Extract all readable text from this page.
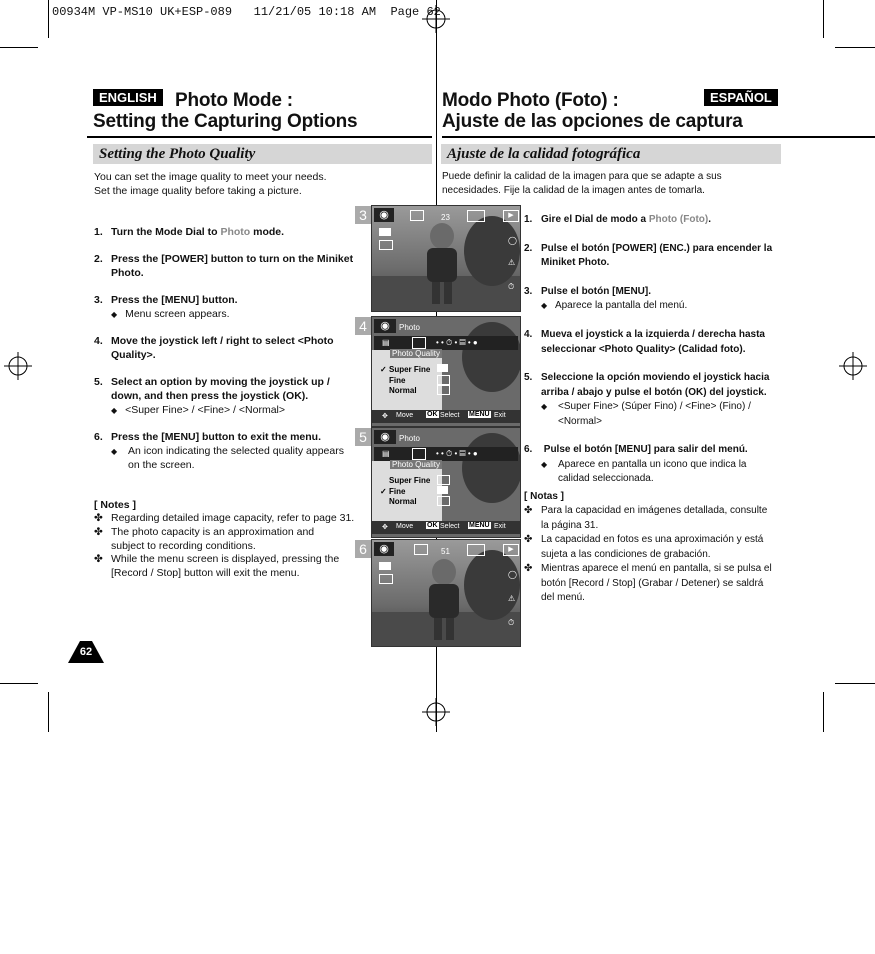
00934M VP-MS10 UK+ESP-089   11/21/05 10:18 AM  Page 62
ENGLISH Photo Mode :
Setting the Capturing Options
Modo Photo (Foto) :
Ajuste de las opciones de captura
ESPAÑOL
Setting the Photo Quality	Ajuste de la calidad fotográfica
You can set the image quality to meet your needs.
Set the image quality before taking a picture.
1. Turn the Mode Dial to Photo mode.
2. Press the [POWER] button to turn on the Miniket
Photo.
3. Press the [MENU] button.
◆ Menu screen appears.
4. Move the joystick left / right to select <Photo
Quality>.
5. Select an option by moving the joystick up /
down, and then press the joystick (OK).
◆ <Super Fine> / <Fine> / <Normal>
6. Press the [MENU] button to exit the menu.
◆ An icon indicating the selected quality appears
on the screen.
[ Notes ]
✤ Regarding detailed image capacity, refer to page 31.
✤ The photo capacity is an approximation and
subject to recording conditions.
✤ While the menu screen is displayed, pressing the
[Record / Stop] button will exit the menu.
62
Puede definir la calidad de la imagen para que se adapte a sus
necesidades. Fije la calidad de la imagen antes de tomarla.
1. Gire el Dial de modo a Photo (Foto).
2. Pulse el botón [POWER] (ENC.) para encender la
Miniket Photo.
3. Pulse el botón [MENU].
◆ Aparece la pantalla del menú.
4. Mueva el joystick a la izquierda / derecha hasta
seleccionar <Photo Quality> (Calidad foto).
5. Seleccione la opción moviendo el joystick hacia
arriba / abajo y pulse el botón (OK) del joystick.
◆ <Super Fine> (Súper Fino) / <Fine> (Fino) /
<Normal>
6. Pulse el botón [MENU] para salir del menú.
◆ Aparece en pantalla un icono que indica la
calidad seleccionada.
[ Notas ]
✤ Para la capacidad en imágenes detallada, consulte
la página 31.
✤ La capacidad en fotos es una aproximación y está
sujeta a las condiciones de grabación.
✤ Mientras aparece el menú en pantalla, si se pulsa el
botón [Record / Stop] (Grabar / Detener) se saldrá
del menú.
3	◉	23	▶
◯
⚠
⏱
4	◉	Photo
▤	• • ⏱ • ▤ • ●
Photo Quality
✓ Super Fine
Fine
Normal
✥ Move OK Select MENU Exit
5	◉	Photo
▤	• • ⏱ • ▤ • ●
Photo Quality
Super Fine
✓ Fine
Normal
✥ Move OK Select MENU Exit
6	◉	51	▶
◯
⚠
⏱
